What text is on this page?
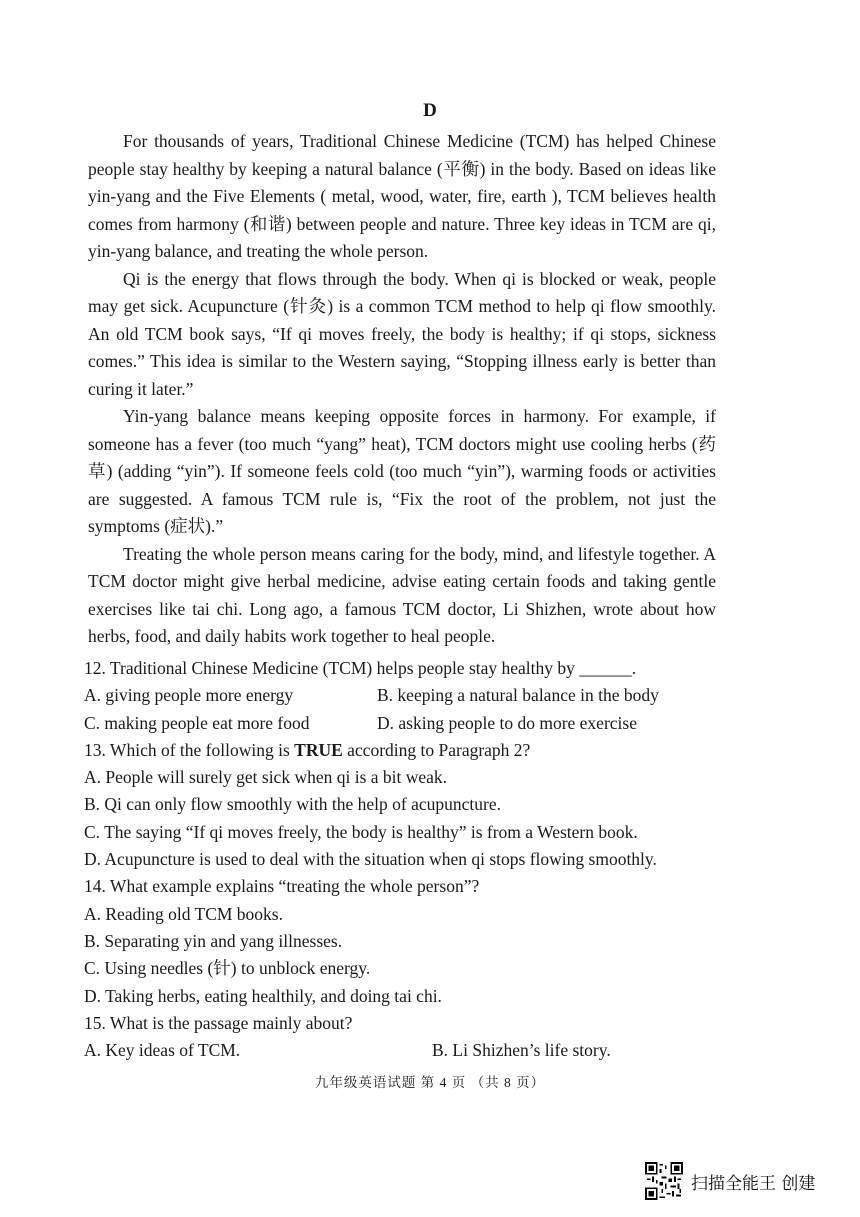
D

For thousands of years, Traditional Chinese Medicine (TCM) has helped Chinese people stay healthy by keeping a natural balance (平衡) in the body. Based on ideas like yin-yang and the Five Elements ( metal, wood, water, fire, earth ), TCM believes health comes from harmony (和谐) between people and nature. Three key ideas in TCM are qi, yin-yang balance, and treating the whole person.

Qi is the energy that flows through the body. When qi is blocked or weak, people may get sick. Acupuncture (针灸) is a common TCM method to help qi flow smoothly. An old TCM book says, “If qi moves freely, the body is healthy; if qi stops, sickness comes.” This idea is similar to the Western saying, “Stopping illness early is better than curing it later.”

Yin-yang balance means keeping opposite forces in harmony. For example, if someone has a fever (too much “yang” heat), TCM doctors might use cooling herbs (药草) (adding “yin”). If someone feels cold (too much “yin”), warming foods or activities are suggested. A famous TCM rule is, “Fix the root of the problem, not just the symptoms (症状).”

Treating the whole person means caring for the body, mind, and lifestyle together. A TCM doctor might give herbal medicine, advise eating certain foods and taking gentle exercises like tai chi. Long ago, a famous TCM doctor, Li Shizhen, wrote about how herbs, food, and daily habits work together to heal people.

12. Traditional Chinese Medicine (TCM) helps people stay healthy by ______.
A. giving people more energy	B. keeping a natural balance in the body
C. making people eat more food	D. asking people to do more exercise
13. Which of the following is TRUE according to Paragraph 2?
A. People will surely get sick when qi is a bit weak.
B. Qi can only flow smoothly with the help of acupuncture.
C. The saying “If qi moves freely, the body is healthy” is from a Western book.
D. Acupuncture is used to deal with the situation when qi stops flowing smoothly.
14. What example explains “treating the whole person”?
A. Reading old TCM books.
B. Separating yin and yang illnesses.
C. Using needles (针) to unblock energy.
D. Taking herbs, eating healthily, and doing tai chi.
15. What is the passage mainly about?
A. Key ideas of TCM.	B. Li Shizhen’s life story.
九年级英语试题 第 4 页 （共 8 页）
扫描全能王 创建
